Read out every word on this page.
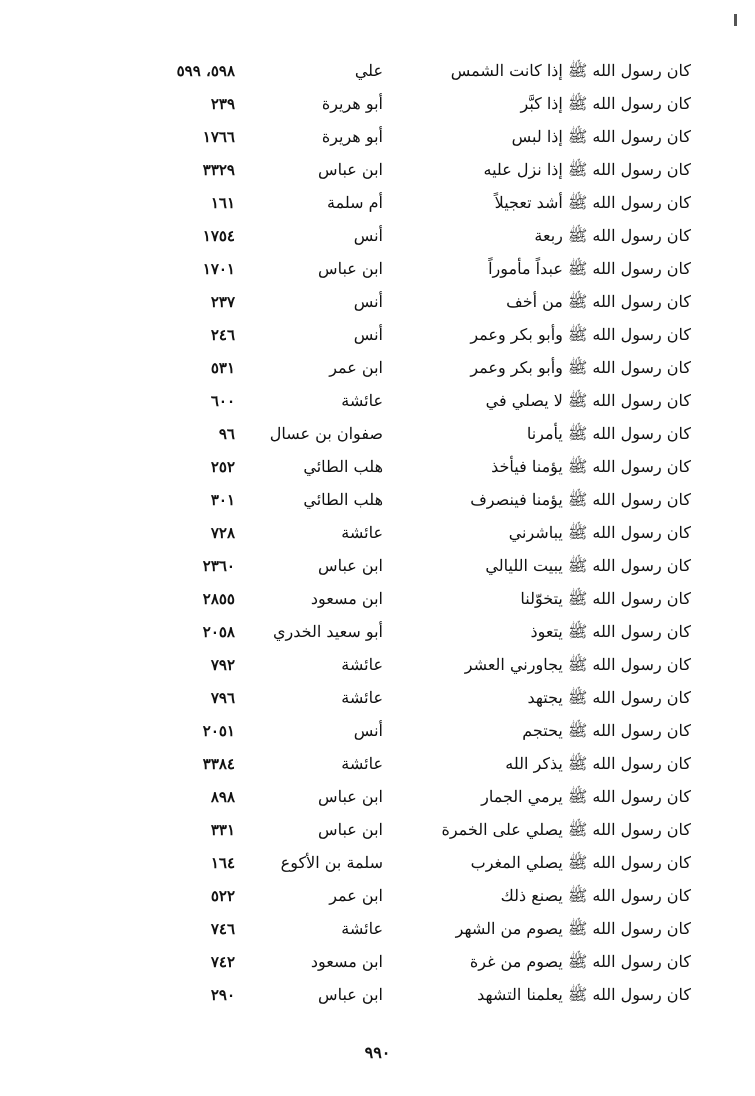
كان رسول الله ﷺ إذا كانت الشمس
علي
٥٩٨، ٥٩٩
كان رسول الله ﷺ إذا كبَّر
أبو هريرة
٢٣٩
كان رسول الله ﷺ إذا لبس
أبو هريرة
١٧٦٦
كان رسول الله ﷺ إذا نزل عليه
ابن عباس
٣٣٢٩
كان رسول الله ﷺ أشد تعجيلاً
أم سلمة
١٦١
كان رسول الله ﷺ ربعة
أنس
١٧٥٤
كان رسول الله ﷺ عبداً مأموراً
ابن عباس
١٧٠١
كان رسول الله ﷺ من أخف
أنس
٢٣٧
كان رسول الله ﷺ وأبو بكر وعمر
أنس
٢٤٦
كان رسول الله ﷺ وأبو بكر وعمر
ابن عمر
٥٣١
كان رسول الله ﷺ لا يصلي في
عائشة
٦٠٠
كان رسول الله ﷺ يأمرنا
صفوان بن عسال
٩٦
كان رسول الله ﷺ يؤمنا فيأخذ
هلب الطائي
٢٥٢
كان رسول الله ﷺ يؤمنا فينصرف
هلب الطائي
٣٠١
كان رسول الله ﷺ يباشرني
عائشة
٧٢٨
كان رسول الله ﷺ يبيت الليالي
ابن عباس
٢٣٦٠
كان رسول الله ﷺ يتخوّلنا
ابن مسعود
٢٨٥٥
كان رسول الله ﷺ يتعوذ
أبو سعيد الخدري
٢٠٥٨
كان رسول الله ﷺ يجاورني العشر
عائشة
٧٩٢
كان رسول الله ﷺ يجتهد
عائشة
٧٩٦
كان رسول الله ﷺ يحتجم
أنس
٢٠٥١
كان رسول الله ﷺ يذكر الله
عائشة
٣٣٨٤
كان رسول الله ﷺ يرمي الجمار
ابن عباس
٨٩٨
كان رسول الله ﷺ يصلي على الخمرة
ابن عباس
٣٣١
كان رسول الله ﷺ يصلي المغرب
سلمة بن الأكوع
١٦٤
كان رسول الله ﷺ يصنع ذلك
ابن عمر
٥٢٢
كان رسول الله ﷺ يصوم من الشهر
عائشة
٧٤٦
كان رسول الله ﷺ يصوم من غرة
ابن مسعود
٧٤٢
كان رسول الله ﷺ يعلمنا التشهد
ابن عباس
٢٩٠
٩٩٠
